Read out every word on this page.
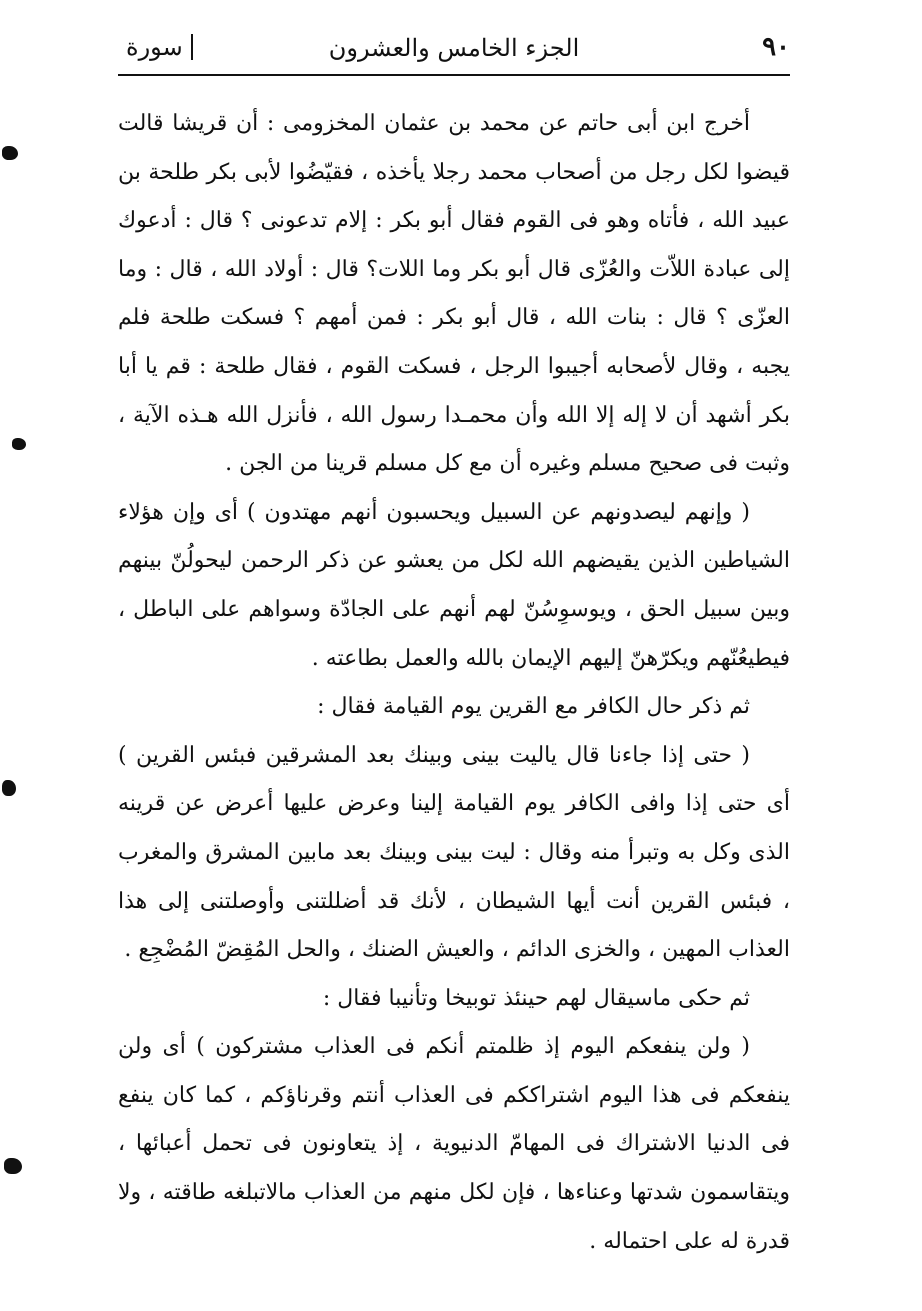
٩٠
الجزء الخامس والعشرون
سورة

أخرج ابن أبى حاتم عن محمد بن عثمان المخزومى : أن قريشا قالت قيضوا لكل رجل من أصحاب محمد رجلا يأخذه ، فقيّضُوا لأبى بكر طلحة بن عبيد الله ، فأتاه وهو فى القوم فقال أبو بكر : إلام تدعونى ؟ قال : أدعوك إلى عبادة اللاّت والعُزّى قال أبو بكر وما اللات؟ قال : أولاد الله ، قال : وما العزّى ؟ قال : بنات الله ، قال أبو بكر : فمن أمهم ؟ فسكت طلحة فلم يجبه ، وقال لأصحابه أجيبوا الرجل ، فسكت القوم ، فقال طلحة : قم يا أبا بكر أشهد أن لا إله إلا الله وأن محمـدا رسول الله ، فأنزل الله هـذه الآية ، وثبت فى صحيح مسلم وغيره أن مع كل مسلم قرينا من الجن .

( وإنهم ليصدونهم عن السبيل ويحسبون أنهم مهتدون ) أى وإن هؤلاء الشياطين الذين يقيضهم الله لكل من يعشو عن ذكر الرحمن ليحولُنّ بينهم وبين سبيل الحق ، ويوسوِسُنّ لهم أنهم على الجادّة وسواهم على الباطل ، فيطيعُنّهم ويكرّهنّ إليهم الإيمان بالله والعمل بطاعته .

ثم ذكر حال الكافر مع القرين يوم القيامة فقال :

( حتى إذا جاءنا قال ياليت بينى وبينك بعد المشرقين فبئس القرين ) أى حتى إذا وافى الكافر يوم القيامة إلينا وعرض عليها أعرض عن قرينه الذى وكل به وتبرأ منه وقال : ليت بينى وبينك بعد مابين المشرق والمغرب ، فبئس القرين أنت أيها الشيطان ، لأنك قد أضللتنى وأوصلتنى إلى هذا العذاب المهين ، والخزى الدائم ، والعيش الضنك ، والحل المُقِضّ المُضْجِع .

ثم حكى ماسيقال لهم حينئذ توبيخا وتأنيبا فقال :

( ولن ينفعكم اليوم إذ ظلمتم أنكم فى العذاب مشتركون ) أى ولن ينفعكم فى هذا اليوم اشتراككم فى العذاب أنتم وقرناؤكم ، كما كان ينفع فى الدنيا الاشتراك فى المهامّ الدنيوية ، إذ يتعاونون فى تحمل أعبائها ، ويتقاسمون شدتها وعناءها ، فإن لكل منهم من العذاب مالاتبلغه طاقته ، ولا قدرة له على احتماله .
